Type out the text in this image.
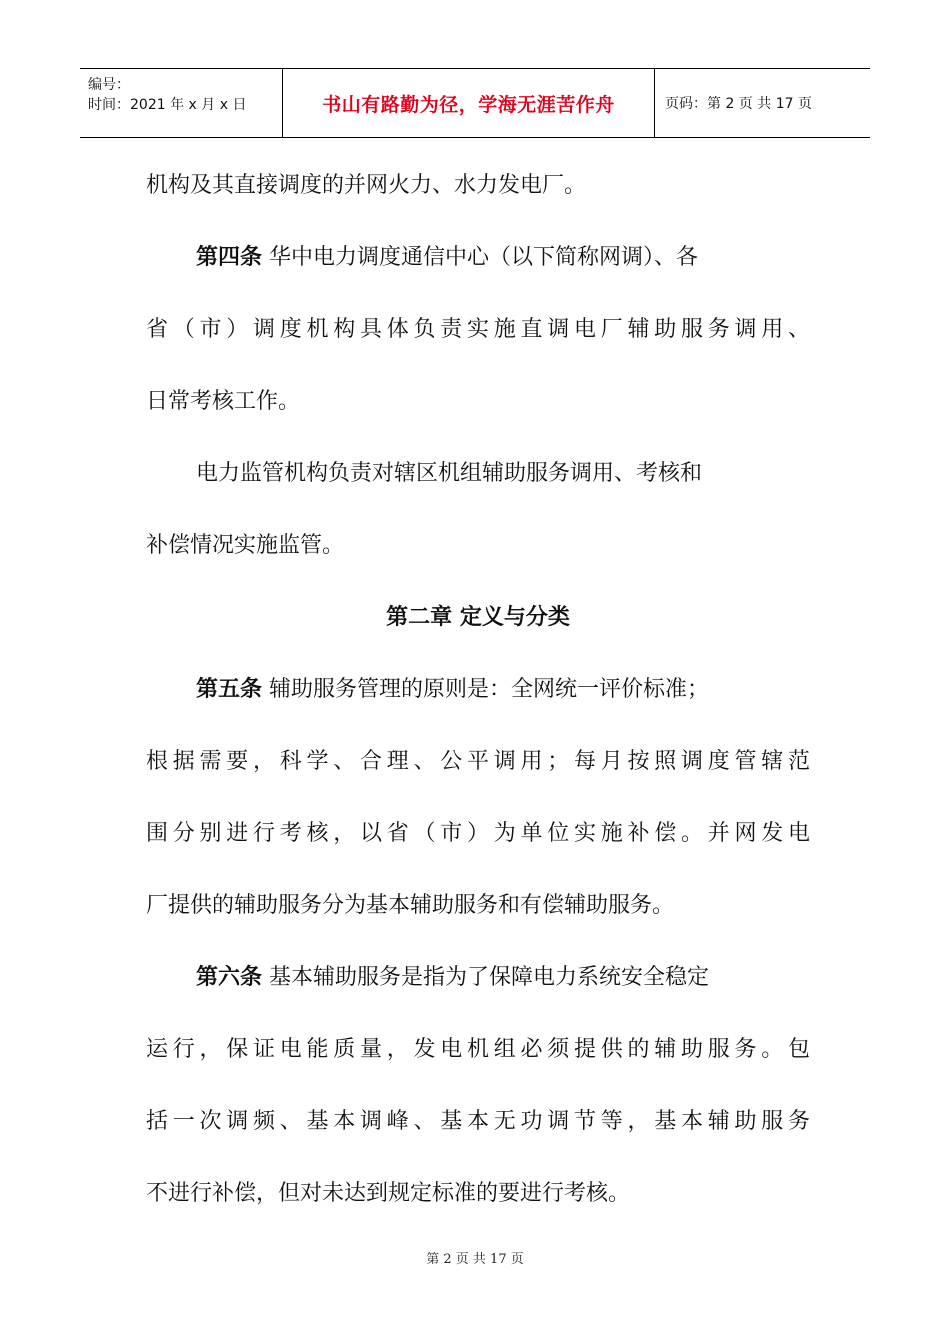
编号：
时间：2021 年 x 月 x 日	书山有路勤为径，学海无涯苦作舟	页码：第 2 页 共 17 页
机构及其直接调度的并网火力、水力发电厂。
第四条 华中电力调度通信中心（以下简称网调）、各
省（市）调度机构具体负责实施直调电厂辅助服务调用、
日常考核工作。
电力监管机构负责对辖区机组辅助服务调用、考核和
补偿情况实施监管。
第二章 定义与分类
第五条 辅助服务管理的原则是：全网统一评价标准；
根据需要，科学、合理、公平调用；每月按照调度管辖范
围分别进行考核，以省（市）为单位实施补偿。并网发电
厂提供的辅助服务分为基本辅助服务和有偿辅助服务。
第六条 基本辅助服务是指为了保障电力系统安全稳定
运行，保证电能质量，发电机组必须提供的辅助服务。包
括一次调频、基本调峰、基本无功调节等，基本辅助服务
不进行补偿，但对未达到规定标准的要进行考核。
第 2 页 共 17 页
